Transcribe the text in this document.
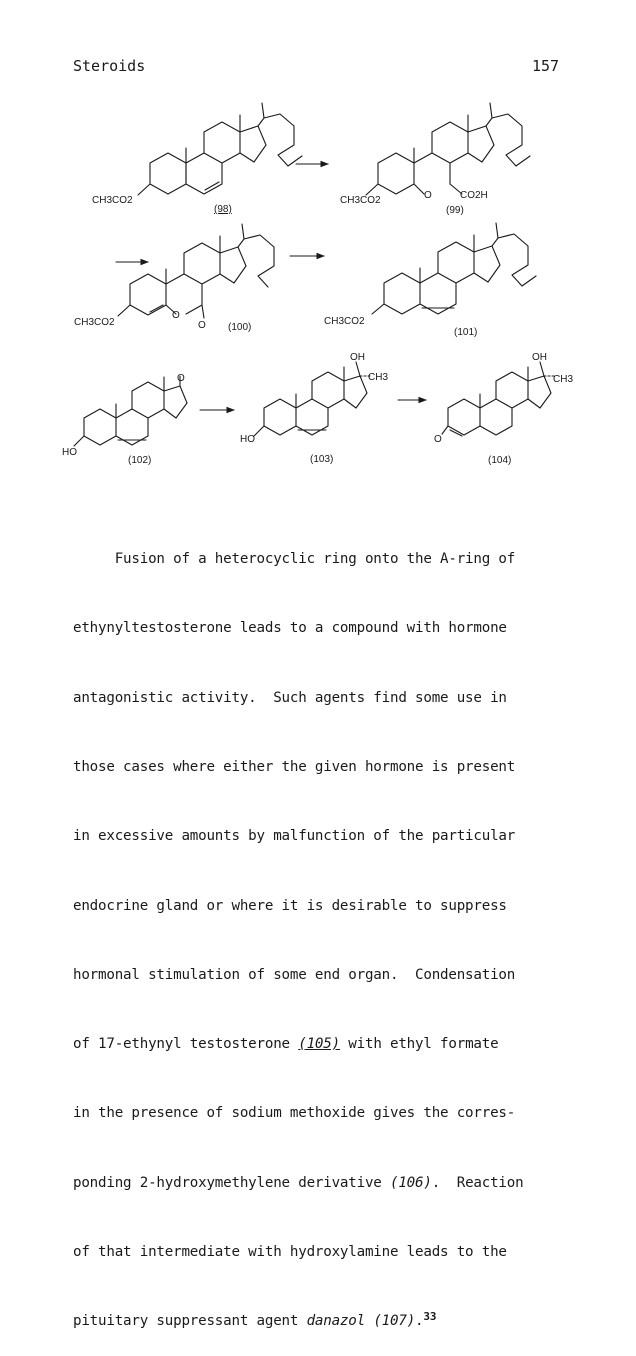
Steroids	157
CH3CO2
(98)
CH3CO2	O	CO2H
(99)
O
O
CH3CO2	(100)
CH3CO2
(101)
O
HO
(102)
OH
CH3
HO
(103)
OH
CH3
O
(104)

Fusion of a heterocyclic ring onto the A-ring of

ethynyltestosterone leads to a compound with hormone

antagonistic activity.  Such agents find some use in

those cases where either the given hormone is present

in excessive amounts by malfunction of the particular

endocrine gland or where it is desirable to suppress

hormonal stimulation of some end organ.  Condensation

of 17-ethynyl testosterone (105) with ethyl formate

in the presence of sodium methoxide gives the corres-

ponding 2-hydroxymethylene derivative (106).  Reaction

of that intermediate with hydroxylamine leads to the

pituitary suppressant agent danazol (107).$^{33}$
